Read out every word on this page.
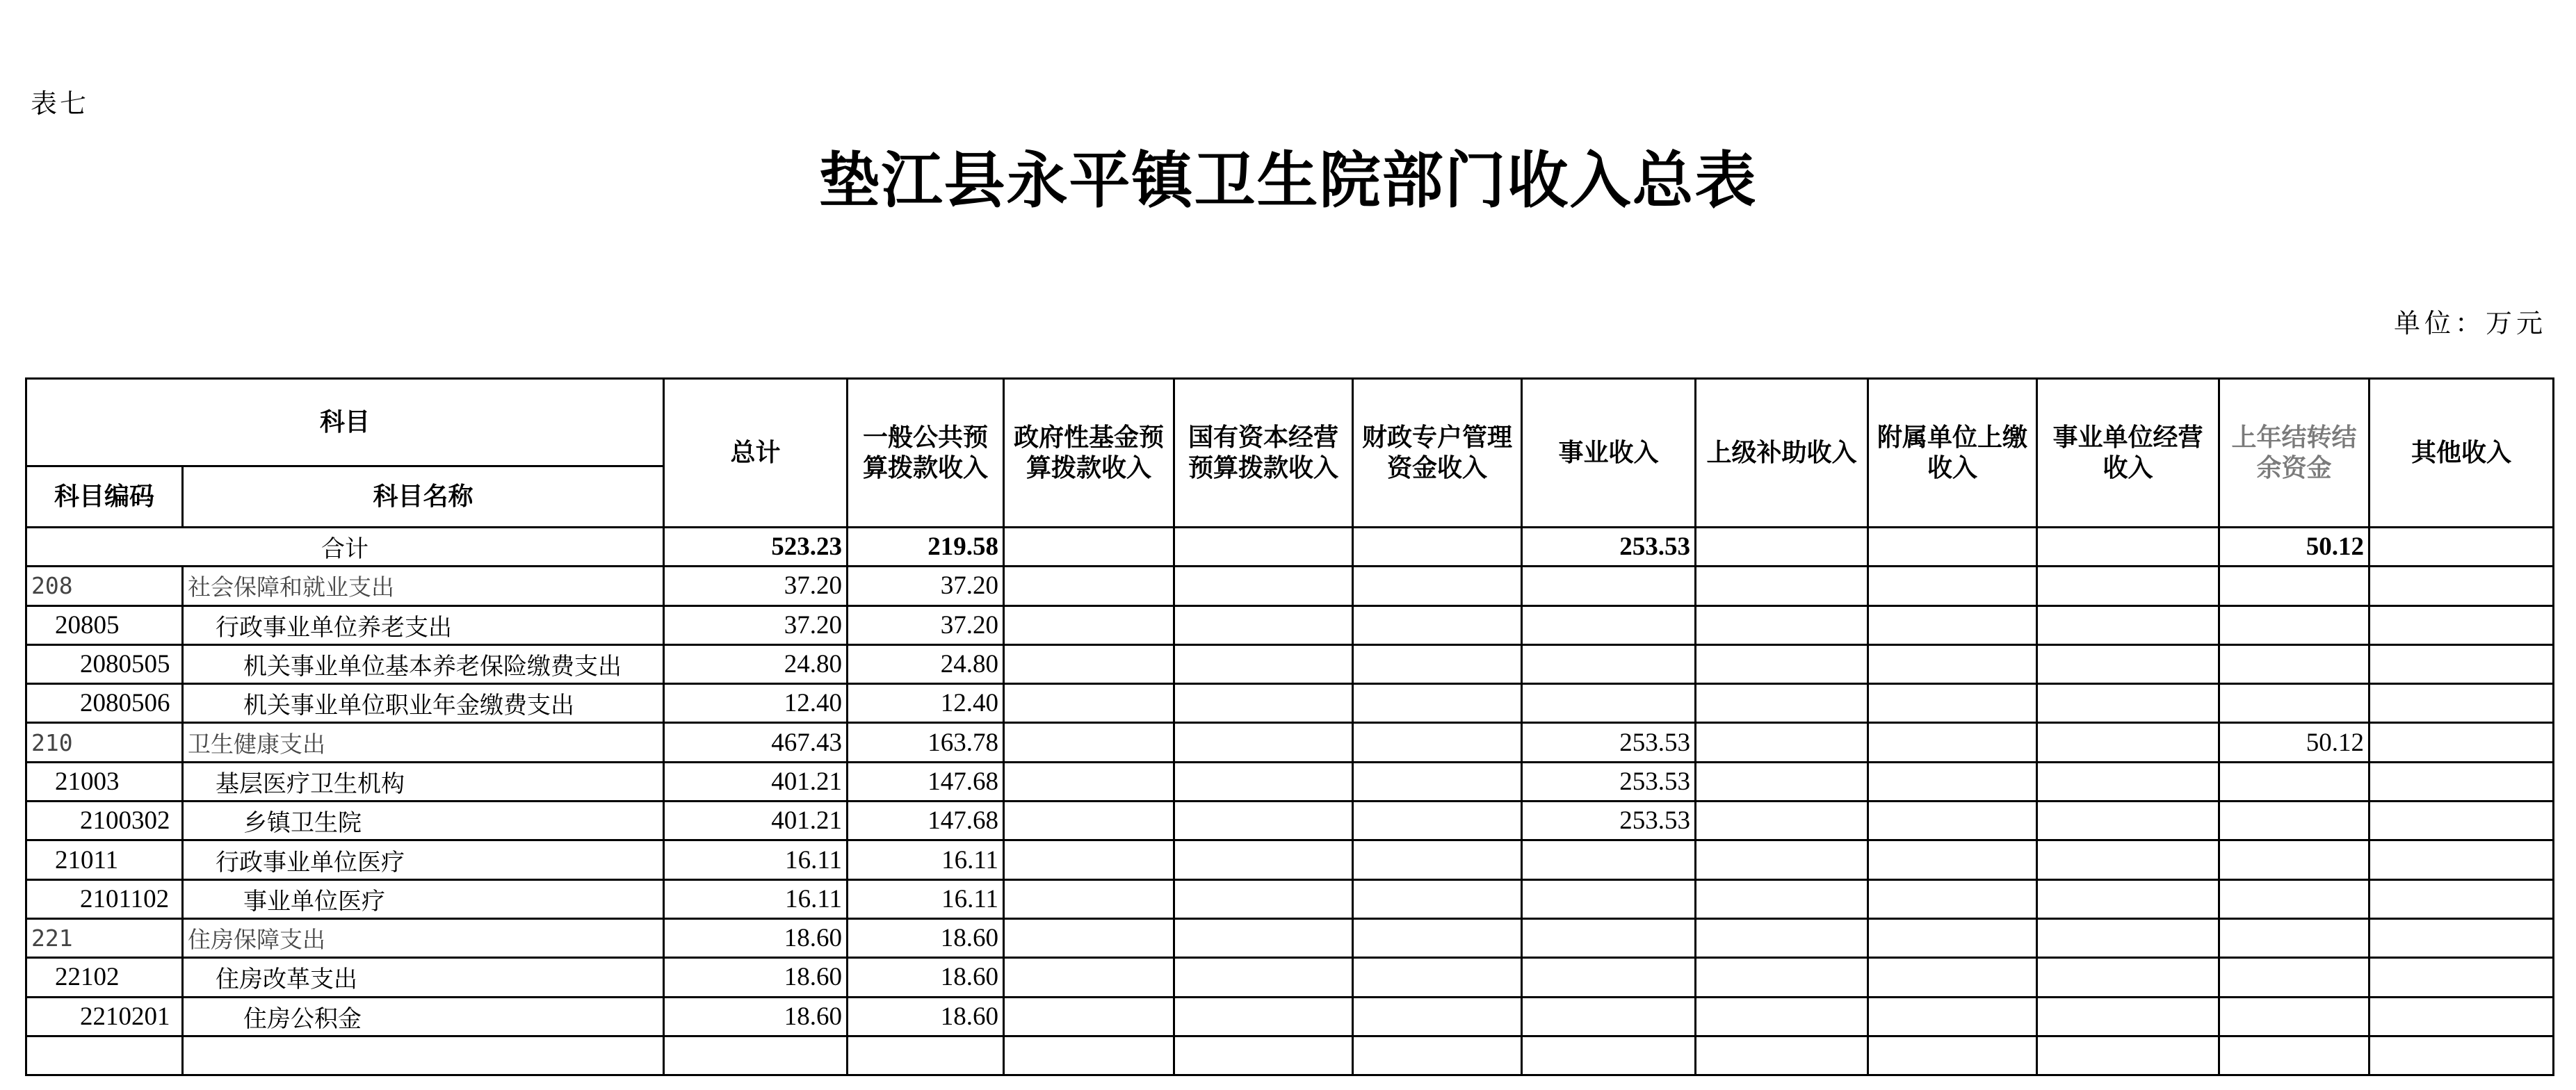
表七
垫江县永平镇卫生院部门收入总表
单位：万元
科目		总计	一般公共预算拨款收入	政府性基金预算拨款收入	国有资本经营预算拨款收入	财政专户管理资金收入	事业收入	上级补助收入	附属单位上缴收入	事业单位经营收入	上年结转结余资金	其他收入
科目编码	科目名称											
合计		523.23	219.58				253.53				50.12	
208	社会保障和就业支出	37.20	37.20									
20805	行政事业单位养老支出	37.20	37.20									
2080505	机关事业单位基本养老保险缴费支出	24.80	24.80									
2080506	机关事业单位职业年金缴费支出	12.40	12.40									
210	卫生健康支出	467.43	163.78				253.53				50.12	
21003	基层医疗卫生机构	401.21	147.68				253.53					
2100302	乡镇卫生院	401.21	147.68				253.53					
21011	行政事业单位医疗	16.11	16.11									
2101102	事业单位医疗	16.11	16.11									
221	住房保障支出	18.60	18.60									
22102	住房改革支出	18.60	18.60									
2210201	住房公积金	18.60	18.60									
